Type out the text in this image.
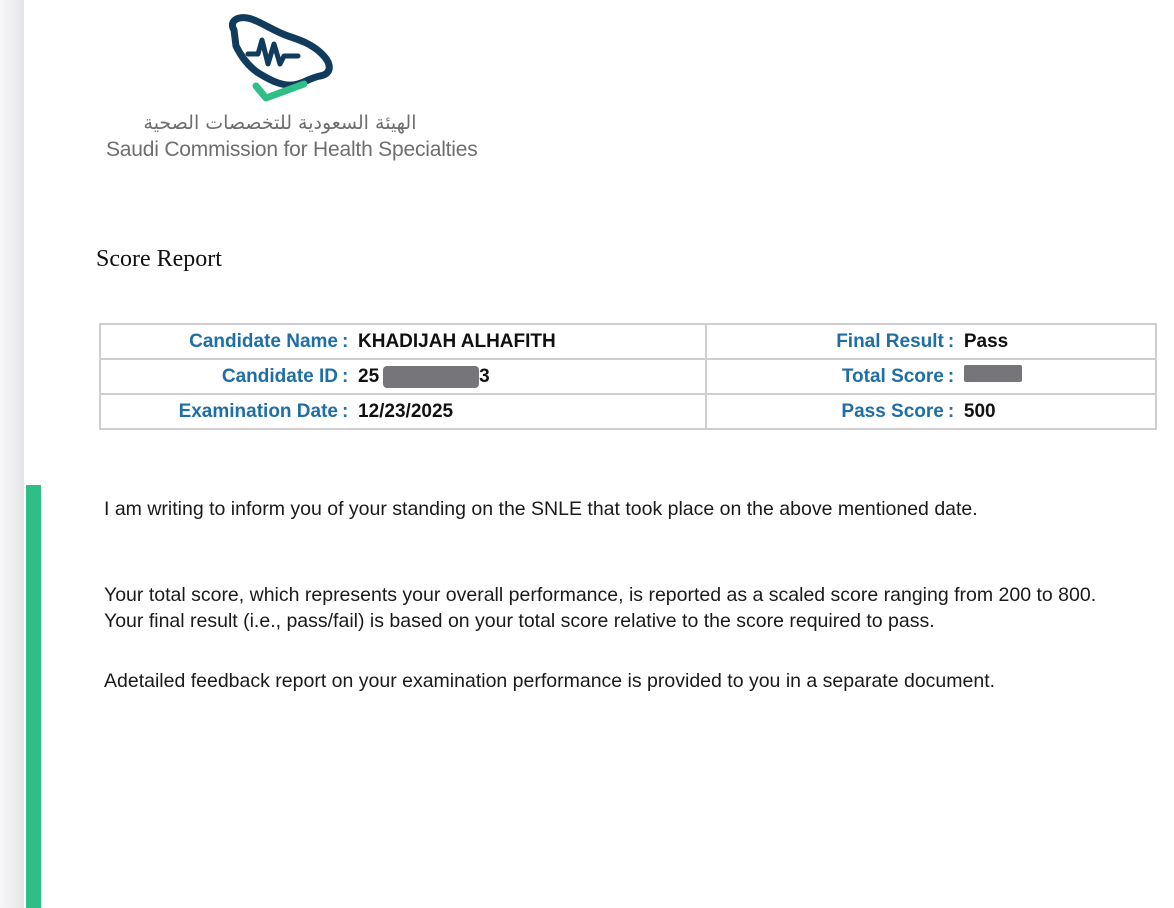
الهيئة السعودية للتخصصات الصحية
Saudi Commission for Health Specialties
Score Report
Candidate Name : KHADIJAH ALHAFITH	Final Result : Pass

Candidate ID : 25 3	Total Score :

Examination Date : 12/23/2025	Pass Score : 500
I am writing to inform you of your standing on the SNLE that took place on the above mentioned date.
Your total score, which represents your overall performance, is reported as a scaled score ranging from 200 to 800. Your final result (i.e., pass/fail) is based on your total score relative to the score required to pass.
Adetailed feedback report on your examination performance is provided to you in a separate document.
